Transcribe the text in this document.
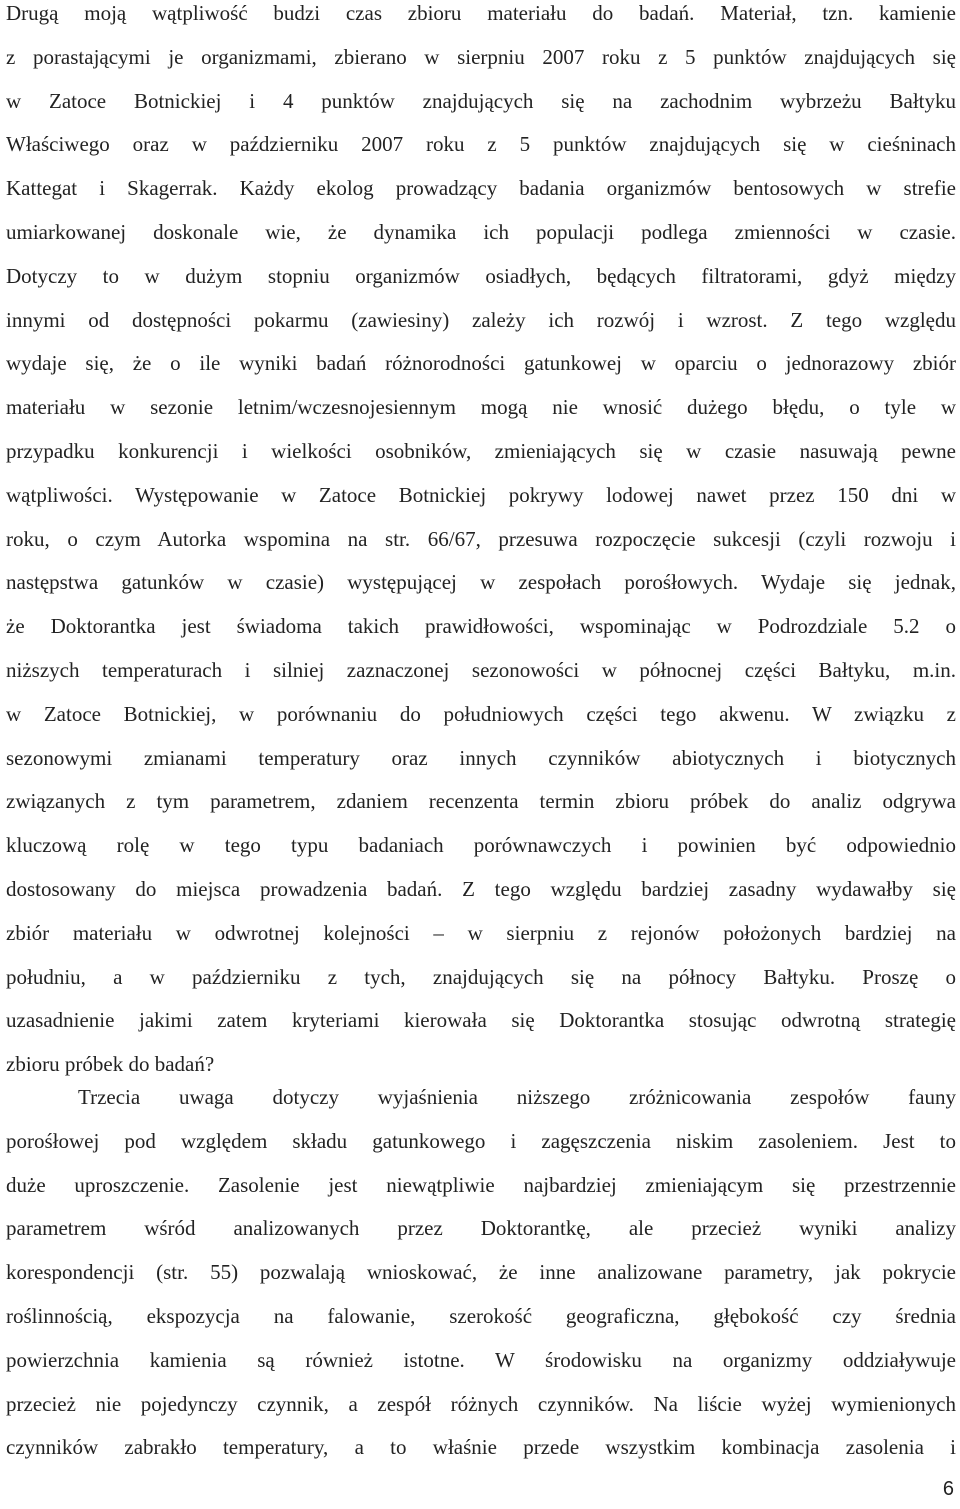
Drugą moją wątpliwość budzi czas zbioru materiału do badań. Materiał, tzn. kamienie
z porastającymi je organizmami, zbierano w sierpniu 2007 roku z 5 punktów znajdujących się
w Zatoce Botnickiej i 4 punktów znajdujących się na zachodnim wybrzeżu Bałtyku
Właściwego oraz w październiku 2007 roku z 5 punktów znajdujących się w cieśninach
Kattegat i Skagerrak. Każdy ekolog prowadzący badania organizmów bentosowych w strefie
umiarkowanej doskonale wie, że dynamika ich populacji podlega zmienności w czasie.
Dotyczy to w dużym stopniu organizmów osiadłych, będących filtratorami, gdyż między
innymi od dostępności pokarmu (zawiesiny) zależy ich rozwój i wzrost. Z tego względu
wydaje się, że o ile wyniki badań różnorodności gatunkowej w oparciu o jednorazowy zbiór
materiału w sezonie letnim/wczesnojesiennym mogą nie wnosić dużego błędu, o tyle w
przypadku konkurencji i wielkości osobników, zmieniających się w czasie nasuwają pewne
wątpliwości. Występowanie w Zatoce Botnickiej pokrywy lodowej nawet przez 150 dni w
roku, o czym Autorka wspomina na str. 66/67, przesuwa rozpoczęcie sukcesji (czyli rozwoju i
następstwa gatunków w czasie) występującej w zespołach porośłowych. Wydaje się jednak,
że Doktorantka jest świadoma takich prawidłowości, wspominając w Podrozdziale 5.2 o
niższych temperaturach i silniej zaznaczonej sezonowości w północnej części Bałtyku, m.in.
w Zatoce Botnickiej, w porównaniu do południowych części tego akwenu. W związku z
sezonowymi zmianami temperatury oraz innych czynników abiotycznych i biotycznych
związanych z tym parametrem, zdaniem recenzenta termin zbioru próbek do analiz odgrywa
kluczową rolę w tego typu badaniach porównawczych i powinien być odpowiednio
dostosowany do miejsca prowadzenia badań. Z tego względu bardziej zasadny wydawałby się
zbiór materiału w odwrotnej kolejności – w sierpniu z rejonów położonych bardziej na
południu, a w październiku z tych, znajdujących się na północy Bałtyku. Proszę o
uzasadnienie jakimi zatem kryteriami kierowała się Doktorantka stosując odwrotną strategię
zbioru próbek do badań?
Trzecia uwaga dotyczy wyjaśnienia niższego zróżnicowania zespołów fauny
porośłowej pod względem składu gatunkowego i zagęszczenia niskim zasoleniem. Jest to
duże uproszczenie. Zasolenie jest niewątpliwie najbardziej zmieniającym się przestrzennie
parametrem wśród analizowanych przez Doktorantkę, ale przecież wyniki analizy
korespondencji (str. 55) pozwalają wnioskować, że inne analizowane parametry, jak pokrycie
roślinnością, ekspozycja na falowanie, szerokość geograficzna, głębokość czy średnia
powierzchnia kamienia są również istotne. W środowisku na organizmy oddziaływuje
przecież nie pojedynczy czynnik, a zespół różnych czynników. Na liście wyżej wymienionych
czynników zabrakło temperatury, a to właśnie przede wszystkim kombinacja zasolenia i
6
